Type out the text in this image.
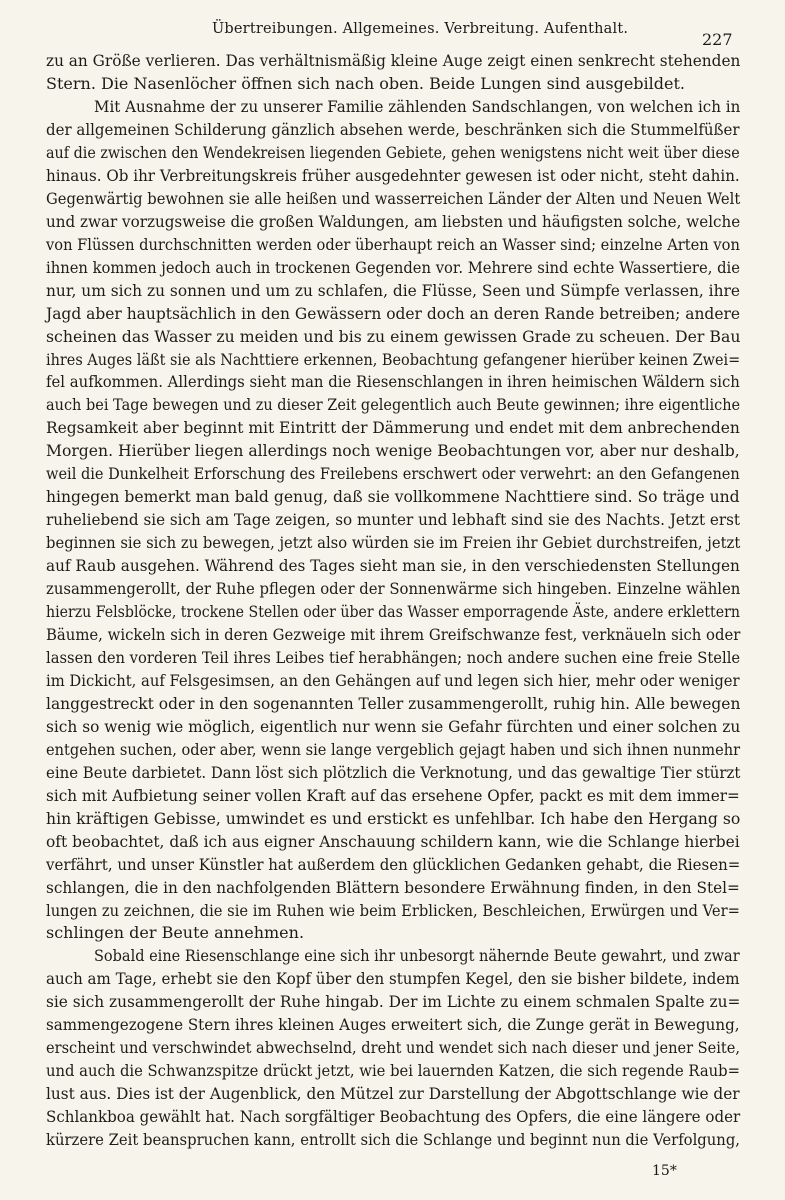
Übertreibungen. Allgemeines. Verbreitung. Aufenthalt.
227
zu an Größe verlieren. Das verhältnismäßig kleine Auge zeigt einen senkrecht stehenden
Stern. Die Nasenlöcher öffnen sich nach oben. Beide Lungen sind ausgebildet.
Mit Ausnahme der zu unserer Familie zählenden Sandschlangen, von welchen ich in
der allgemeinen Schilderung gänzlich absehen werde, beschränken sich die Stummelfüßer
auf die zwischen den Wendekreisen liegenden Gebiete, gehen wenigstens nicht weit über diese
hinaus. Ob ihr Verbreitungskreis früher ausgedehnter gewesen ist oder nicht, steht dahin.
Gegenwärtig bewohnen sie alle heißen und wasserreichen Länder der Alten und Neuen Welt
und zwar vorzugsweise die großen Waldungen, am liebsten und häufigsten solche, welche
von Flüssen durchschnitten werden oder überhaupt reich an Wasser sind; einzelne Arten von
ihnen kommen jedoch auch in trockenen Gegenden vor. Mehrere sind echte Wassertiere, die
nur, um sich zu sonnen und um zu schlafen, die Flüsse, Seen und Sümpfe verlassen, ihre
Jagd aber hauptsächlich in den Gewässern oder doch an deren Rande betreiben; andere
scheinen das Wasser zu meiden und bis zu einem gewissen Grade zu scheuen. Der Bau
ihres Auges läßt sie als Nachttiere erkennen, Beobachtung gefangener hierüber keinen Zwei=
fel aufkommen. Allerdings sieht man die Riesenschlangen in ihren heimischen Wäldern sich
auch bei Tage bewegen und zu dieser Zeit gelegentlich auch Beute gewinnen; ihre eigentliche
Regsamkeit aber beginnt mit Eintritt der Dämmerung und endet mit dem anbrechenden
Morgen. Hierüber liegen allerdings noch wenige Beobachtungen vor, aber nur deshalb,
weil die Dunkelheit Erforschung des Freilebens erschwert oder verwehrt: an den Gefangenen
hingegen bemerkt man bald genug, daß sie vollkommene Nachttiere sind. So träge und
ruheliebend sie sich am Tage zeigen, so munter und lebhaft sind sie des Nachts. Jetzt erst
beginnen sie sich zu bewegen, jetzt also würden sie im Freien ihr Gebiet durchstreifen, jetzt
auf Raub ausgehen. Während des Tages sieht man sie, in den verschiedensten Stellungen
zusammengerollt, der Ruhe pflegen oder der Sonnenwärme sich hingeben. Einzelne wählen
hierzu Felsblöcke, trockene Stellen oder über das Wasser emporragende Äste, andere erklettern
Bäume, wickeln sich in deren Gezweige mit ihrem Greifschwanze fest, verknäueln sich oder
lassen den vorderen Teil ihres Leibes tief herabhängen; noch andere suchen eine freie Stelle
im Dickicht, auf Felsgesimsen, an den Gehängen auf und legen sich hier, mehr oder weniger
langgestreckt oder in den sogenannten Teller zusammengerollt, ruhig hin. Alle bewegen
sich so wenig wie möglich, eigentlich nur wenn sie Gefahr fürchten und einer solchen zu
entgehen suchen, oder aber, wenn sie lange vergeblich gejagt haben und sich ihnen nunmehr
eine Beute darbietet. Dann löst sich plötzlich die Verknotung, und das gewaltige Tier stürzt
sich mit Aufbietung seiner vollen Kraft auf das ersehene Opfer, packt es mit dem immer=
hin kräftigen Gebisse, umwindet es und erstickt es unfehlbar. Ich habe den Hergang so
oft beobachtet, daß ich aus eigner Anschauung schildern kann, wie die Schlange hierbei
verfährt, und unser Künstler hat außerdem den glücklichen Gedanken gehabt, die Riesen=
schlangen, die in den nachfolgenden Blättern besondere Erwähnung finden, in den Stel=
lungen zu zeichnen, die sie im Ruhen wie beim Erblicken, Beschleichen, Erwürgen und Ver=
schlingen der Beute annehmen.
Sobald eine Riesenschlange eine sich ihr unbesorgt nähernde Beute gewahrt, und zwar
auch am Tage, erhebt sie den Kopf über den stumpfen Kegel, den sie bisher bildete, indem
sie sich zusammengerollt der Ruhe hingab. Der im Lichte zu einem schmalen Spalte zu=
sammengezogene Stern ihres kleinen Auges erweitert sich, die Zunge gerät in Bewegung,
erscheint und verschwindet abwechselnd, dreht und wendet sich nach dieser und jener Seite,
und auch die Schwanzspitze drückt jetzt, wie bei lauernden Katzen, die sich regende Raub=
lust aus. Dies ist der Augenblick, den Mützel zur Darstellung der Abgottschlange wie der
Schlankboa gewählt hat. Nach sorgfältiger Beobachtung des Opfers, die eine längere oder
kürzere Zeit beanspruchen kann, entrollt sich die Schlange und beginnt nun die Verfolgung,
15*
